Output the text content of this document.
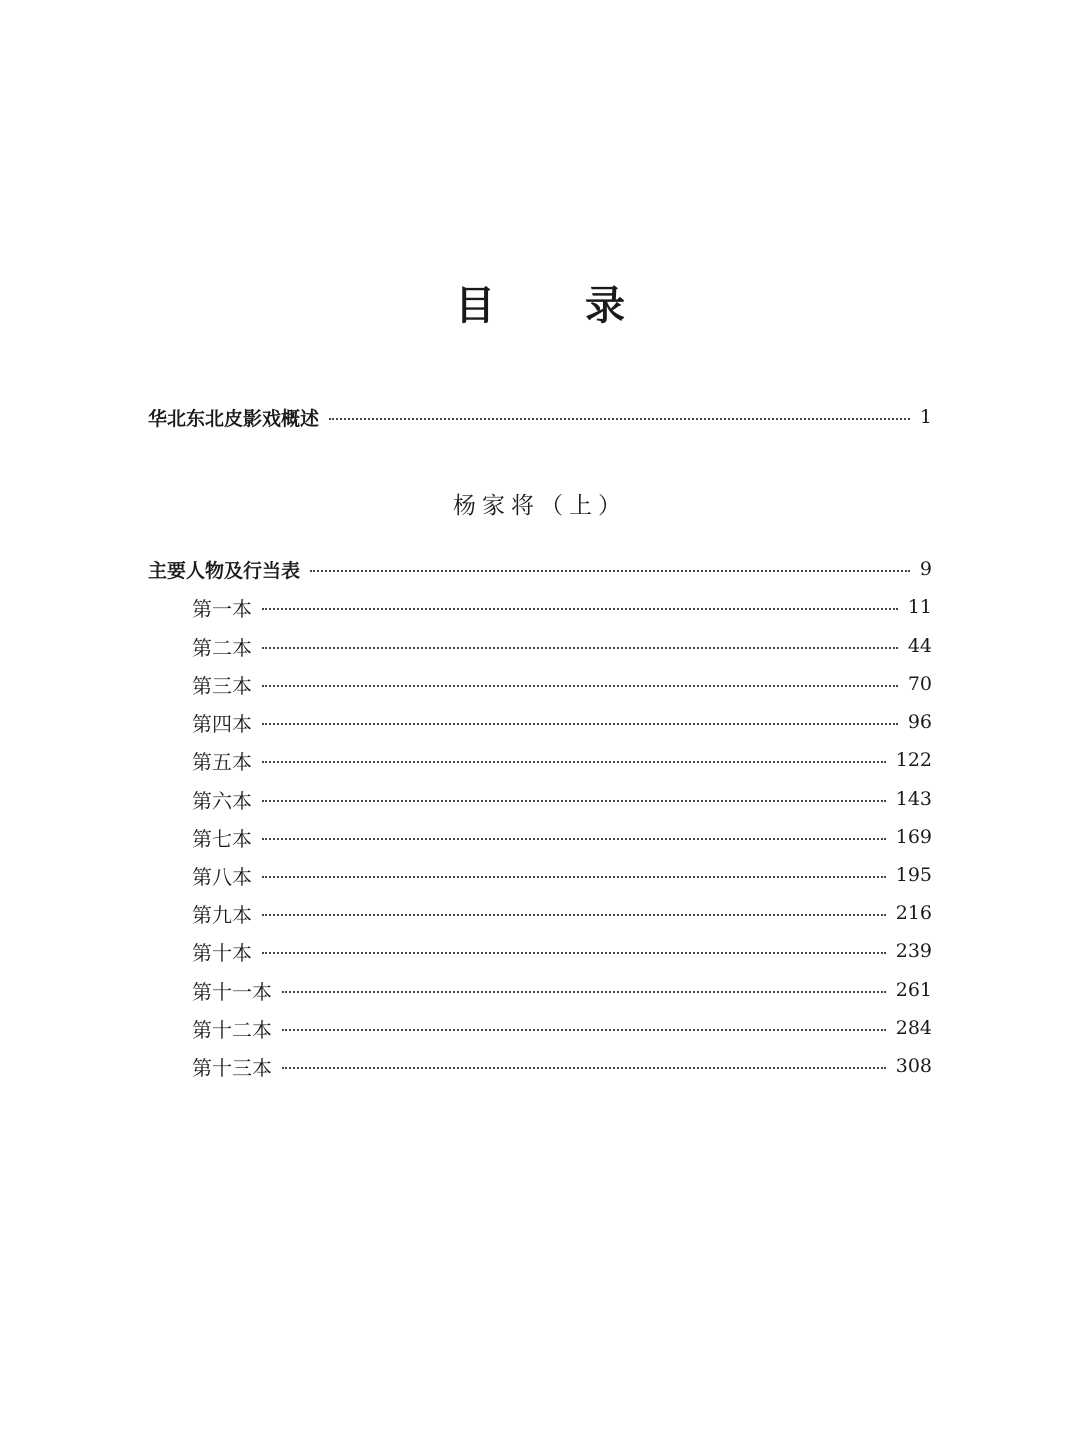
目 录
华北东北皮影戏概述	1
杨家将（上）
主要人物及行当表	9
第一本	11
第二本	44
第三本	70
第四本	96
第五本	122
第六本	143
第七本	169
第八本	195
第九本	216
第十本	239
第十一本	261
第十二本	284
第十三本	308
